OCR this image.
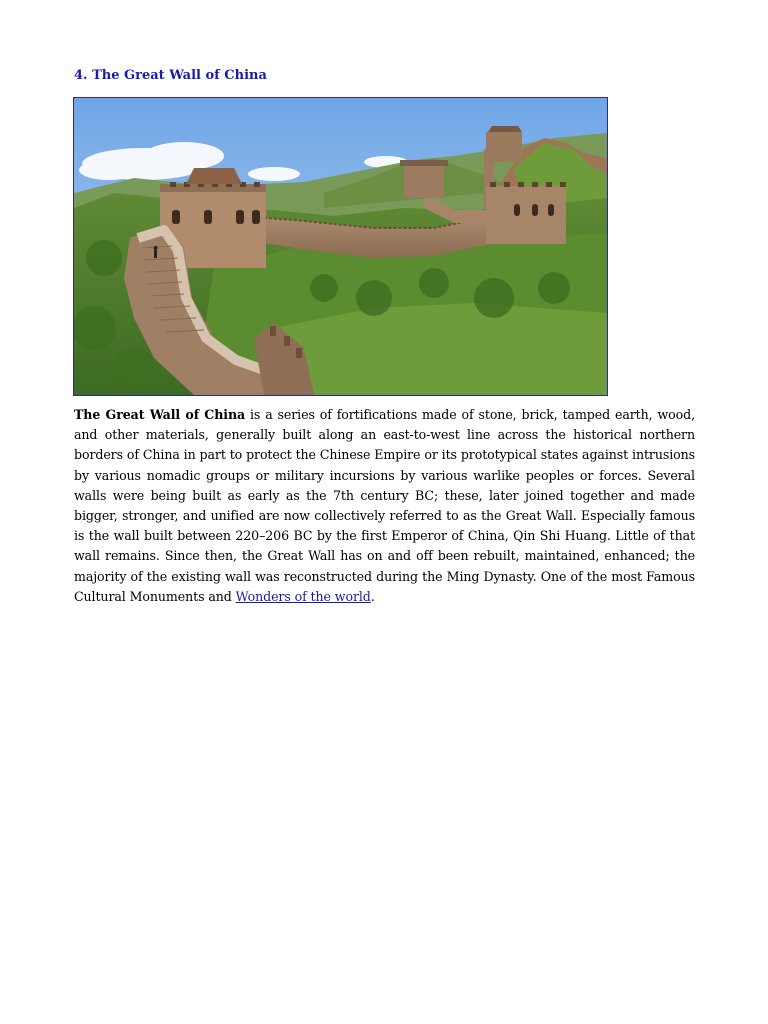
4. The Great Wall of China

The Great Wall of China is a series of fortifications made of stone, brick, tamped earth, wood, and other materials, generally built along an east-to-west line across the historical northern borders of China in part to protect the Chinese Empire or its prototypical states against intrusions by various nomadic groups or military incursions by various warlike peoples or forces. Several walls were being built as early as the 7th century BC; these, later joined together and made bigger, stronger, and unified are now collectively referred to as the Great Wall. Especially famous is the wall built between 220–206 BC by the first Emperor of China, Qin Shi Huang. Little of that wall remains. Since then, the Great Wall has on and off been rebuilt, maintained, enhanced; the majority of the existing wall was reconstructed during the Ming Dynasty. One of the most Famous Cultural Monuments and Wonders of the world.
